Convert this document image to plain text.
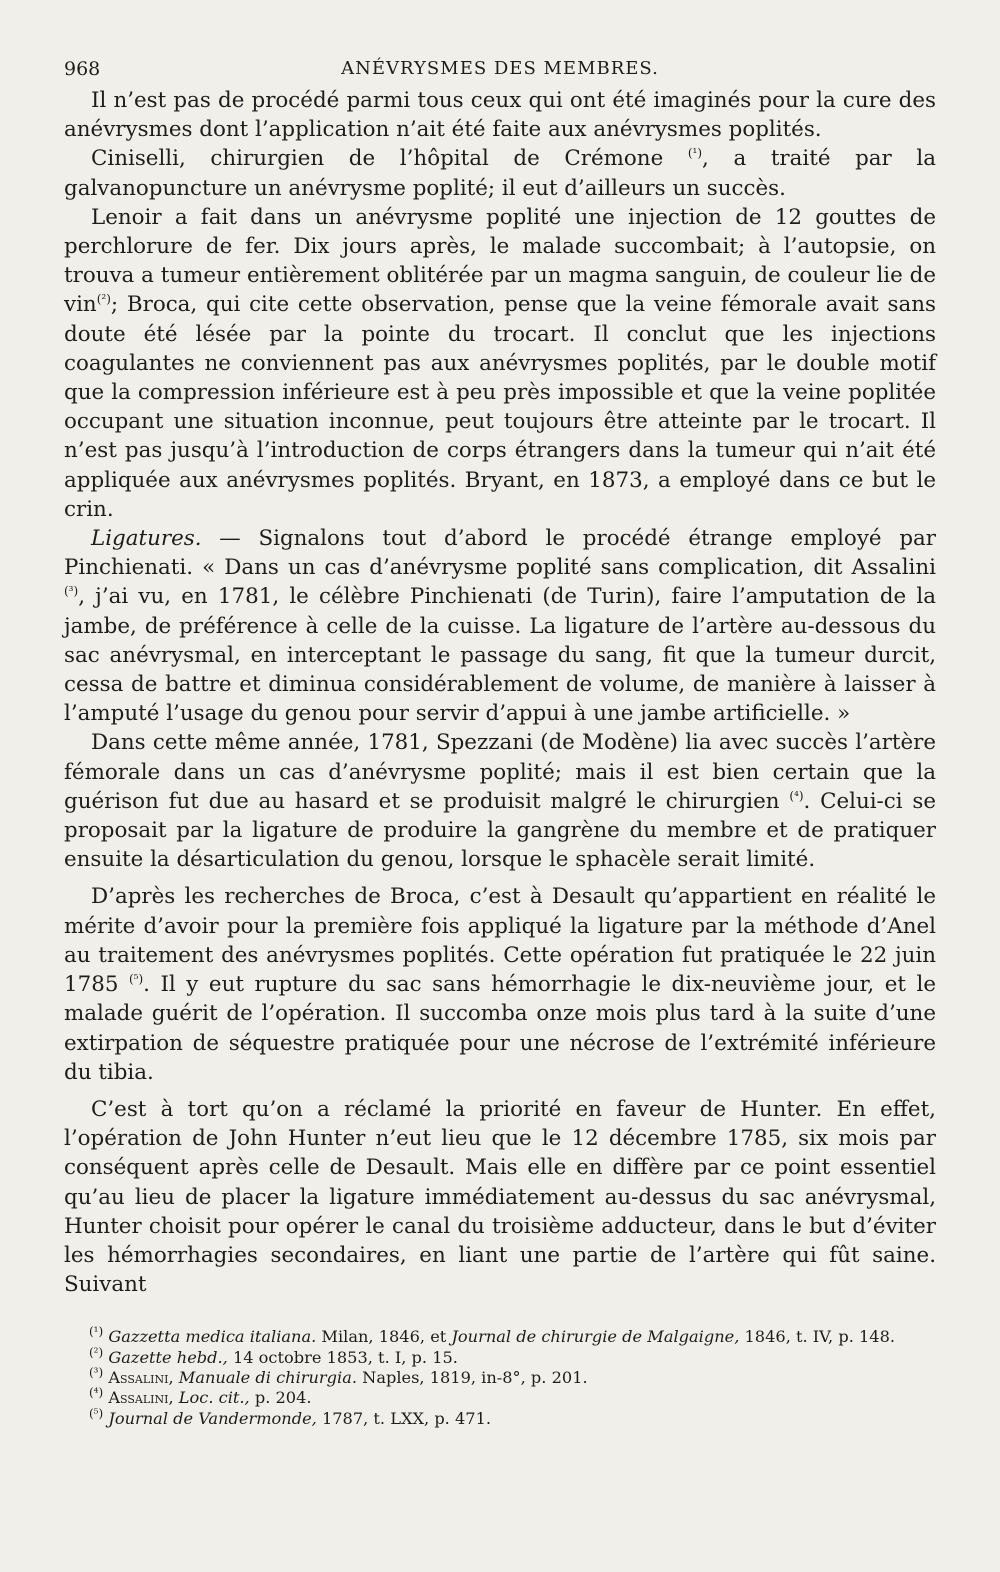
968	ANÉVRYSMES DES MEMBRES.

Il n’est pas de procédé parmi tous ceux qui ont été imaginés pour la cure des anévrysmes dont l’application n’ait été faite aux anévrysmes poplités.

Ciniselli, chirurgien de l’hôpital de Crémone $^{(^1)}$, a traité par la galvanopuncture un anévrysme poplité; il eut d’ailleurs un succès.

Lenoir a fait dans un anévrysme poplité une injection de 12 gouttes de perchlorure de fer. Dix jours après, le malade succombait; à l’autopsie, on trouva a tumeur entièrement oblitérée par un magma sanguin, de couleur lie de vin$^{(^2)}$; Broca, qui cite cette observation, pense que la veine fémorale avait sans doute été lésée par la pointe du trocart. Il conclut que les injections coagulantes ne conviennent pas aux anévrysmes poplités, par le double motif que la compression inférieure est à peu près impossible et que la veine poplitée occupant une situation inconnue, peut toujours être atteinte par le trocart. Il n’est pas jusqu’à l’introduction de corps étrangers dans la tumeur qui n’ait été appliquée aux anévrysmes poplités. Bryant, en 1873, a employé dans ce but le crin.

Ligatures. — Signalons tout d’abord le procédé étrange employé par Pinchienati. « Dans un cas d’anévrysme poplité sans complication, dit Assalini $^{(^3)}$, j’ai vu, en 1781, le célèbre Pinchienati (de Turin), faire l’amputation de la jambe, de préférence à celle de la cuisse. La ligature de l’artère au-dessous du sac anévrysmal, en interceptant le passage du sang, fit que la tumeur durcit, cessa de battre et diminua considérablement de volume, de manière à laisser à l’amputé l’usage du genou pour servir d’appui à une jambe artificielle. »

Dans cette même année, 1781, Spezzani (de Modène) lia avec succès l’artère fémorale dans un cas d’anévrysme poplité; mais il est bien certain que la guérison fut due au hasard et se produisit malgré le chirurgien $^{(^4)}$. Celui-ci se proposait par la ligature de produire la gangrène du membre et de pratiquer ensuite la désarticulation du genou, lorsque le sphacèle serait limité.

D’après les recherches de Broca, c’est à Desault qu’appartient en réalité le mérite d’avoir pour la première fois appliqué la ligature par la méthode d’Anel au traitement des anévrysmes poplités. Cette opération fut pratiquée le 22 juin 1785 $^{(^5)}$. Il y eut rupture du sac sans hémorrhagie le dix-neuvième jour, et le malade guérit de l’opération. Il succomba onze mois plus tard à la suite d’une extirpation de séquestre pratiquée pour une nécrose de l’extrémité inférieure du tibia.

C’est à tort qu’on a réclamé la priorité en faveur de Hunter. En effet, l’opération de John Hunter n’eut lieu que le 12 décembre 1785, six mois par conséquent après celle de Desault. Mais elle en diffère par ce point essentiel qu’au lieu de placer la ligature immédiatement au-dessus du sac anévrysmal, Hunter choisit pour opérer le canal du troisième adducteur, dans le but d’éviter les hémorrhagies secondaires, en liant une partie de l’artère qui fût saine. Suivant

$^{(^1)}$ Gazzetta medica italiana. Milan, 1846, et Journal de chirurgie de Malgaigne, 1846, t. IV, p. 148.

$^{(^2)}$ Gazette hebd., 14 octobre 1853, t. I, p. 15.

$^{(^3)}$ Assalini, Manuale di chirurgia. Naples, 1819, in-8°, p. 201.

$^{(^4)}$ Assalini, Loc. cit., p. 204.

$^{(^5)}$ Journal de Vandermonde, 1787, t. LXX, p. 471.
